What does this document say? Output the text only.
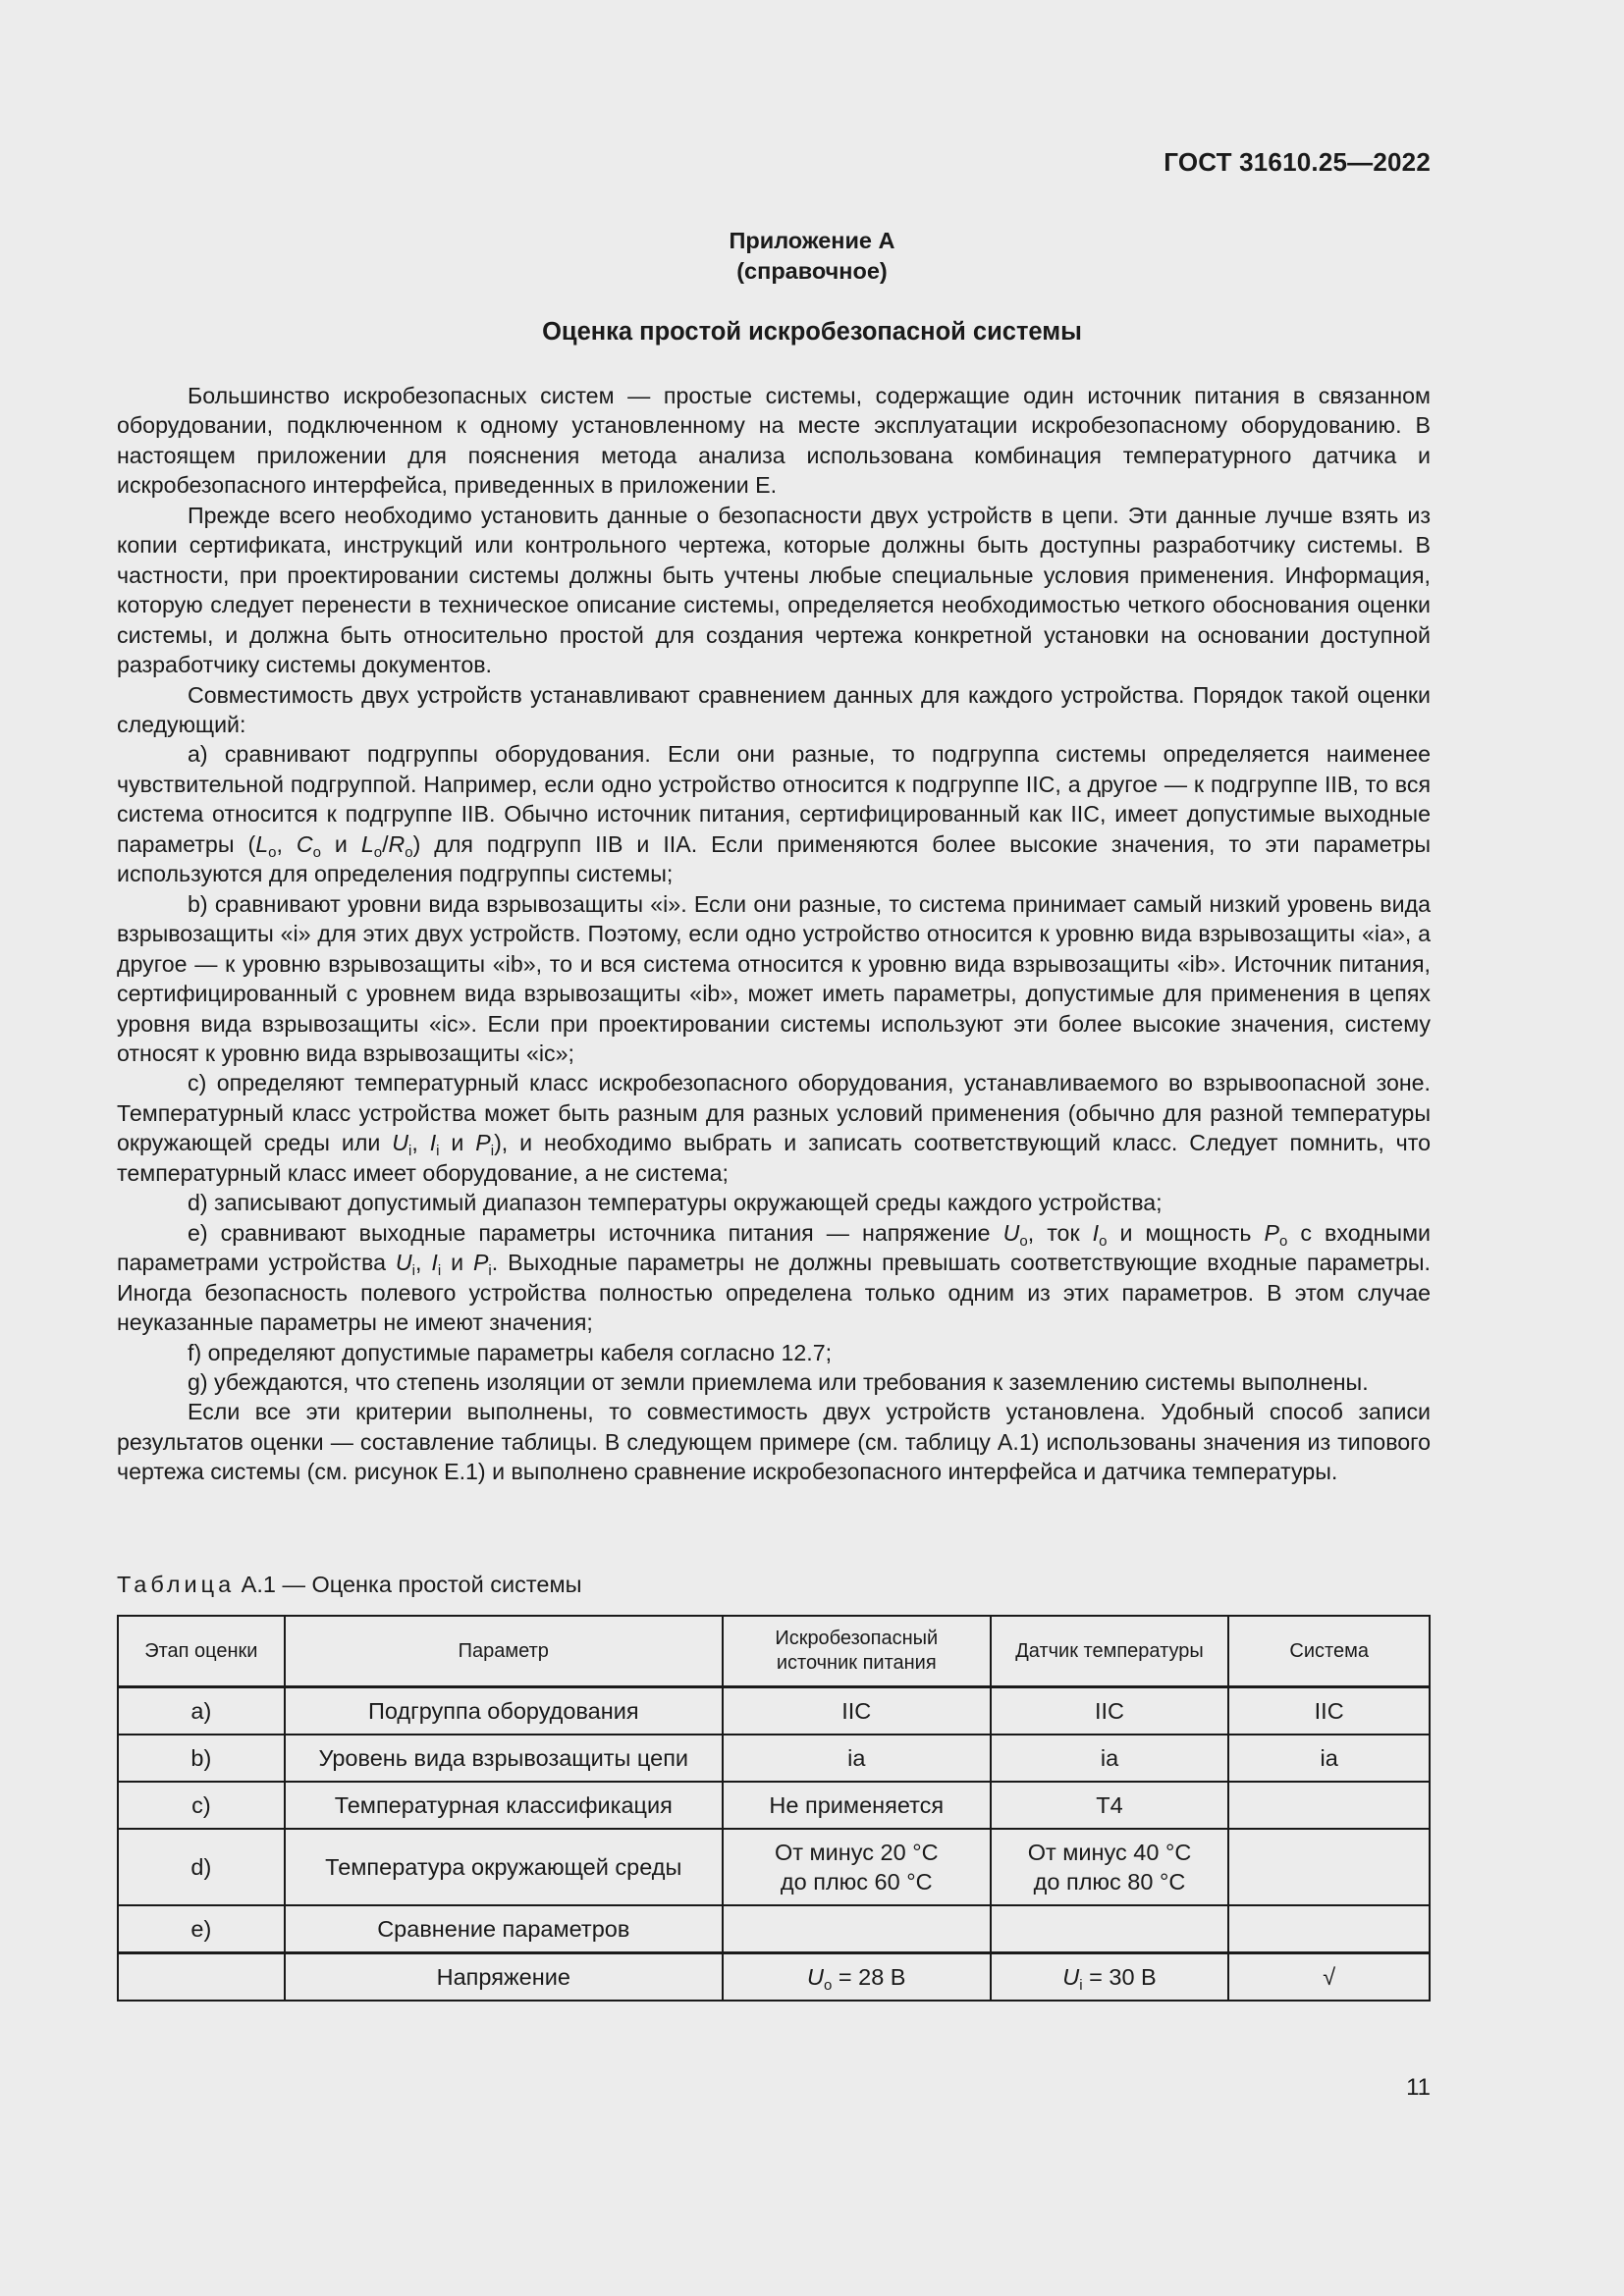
ГОСТ 31610.25—2022
Приложение А
(справочное)
Оценка простой искробезопасной системы

Большинство искробезопасных систем — простые системы, содержащие один источник питания в связанном оборудовании, подключенном к одному установленному на месте эксплуатации искробезопасному оборудованию. В настоящем приложении для пояснения метода анализа использована комбинация температурного датчика и искробезопасного интерфейса, приведенных в приложении Е.

Прежде всего необходимо установить данные о безопасности двух устройств в цепи. Эти данные лучше взять из копии сертификата, инструкций или контрольного чертежа, которые должны быть доступны разработчику системы. В частности, при проектировании системы должны быть учтены любые специальные условия применения. Информация, которую следует перенести в техническое описание системы, определяется необходимостью четкого обоснования оценки системы, и должна быть относительно простой для создания чертежа конкретной установки на основании доступной разработчику системы документов.

Совместимость двух устройств устанавливают сравнением данных для каждого устройства. Порядок такой оценки следующий:

a) сравнивают подгруппы оборудования. Если они разные, то подгруппа системы определяется наименее чувствительной подгруппой. Например, если одно устройство относится к подгруппе IIC, а другое — к подгруппе IIB, то вся система относится к подгруппе IIB. Обычно источник питания, сертифицированный как IIC, имеет допустимые выходные параметры ($L_o$, $C_o$ и $L_o/R_o$) для подгрупп IIB и IIA. Если применяются более высокие значения, то эти параметры используются для определения подгруппы системы;

b) сравнивают уровни вида взрывозащиты «i». Если они разные, то система принимает самый низкий уровень вида взрывозащиты «i» для этих двух устройств. Поэтому, если одно устройство относится к уровню вида взрывозащиты «ia», а другое — к уровню взрывозащиты «ib», то и вся система относится к уровню вида взрывозащиты «ib». Источник питания, сертифицированный с уровнем вида взрывозащиты «ib», может иметь параметры, допустимые для применения в цепях уровня вида взрывозащиты «ic». Если при проектировании системы используют эти более высокие значения, систему относят к уровню вида взрывозащиты «ic»;

c) определяют температурный класс искробезопасного оборудования, устанавливаемого во взрывоопасной зоне. Температурный класс устройства может быть разным для разных условий применения (обычно для разной температуры окружающей среды или $U_i$, $I_i$ и $P_i$), и необходимо выбрать и записать соответствующий класс. Следует помнить, что температурный класс имеет оборудование, а не система;

d) записывают допустимый диапазон температуры окружающей среды каждого устройства;

e) сравнивают выходные параметры источника питания — напряжение $U_o$, ток $I_o$ и мощность $P_o$ с входными параметрами устройства $U_i$, $I_i$ и $P_i$. Выходные параметры не должны превышать соответствующие входные параметры. Иногда безопасность полевого устройства полностью определена только одним из этих параметров. В этом случае неуказанные параметры не имеют значения;

f) определяют допустимые параметры кабеля согласно 12.7;

g) убеждаются, что степень изоляции от земли приемлема или требования к заземлению системы выполнены.

Если все эти критерии выполнены, то совместимость двух устройств установлена. Удобный способ записи результатов оценки — составление таблицы. В следующем примере (см. таблицу А.1) использованы значения из типового чертежа системы (см. рисунок Е.1) и выполнено сравнение искробезопасного интерфейса и датчика температуры.

Таблица А.1 — Оценка простой системы
Этап оценки	Параметр	Искробезопасный источник питания	Датчик температуры	Система
a)	Подгруппа оборудования	IIC	IIC	IIC
b)	Уровень вида взрывозащиты цепи	ia	ia	ia
c)	Температурная классификация	Не применяется	T4	
d)	Температура окружающей среды	От минус 20 °C до плюс 60 °C	От минус 40 °C до плюс 80 °C	
e)	Сравнение параметров			
	Напряжение	$U_o = 28$ В	$U_i = 30$ В	√
11
